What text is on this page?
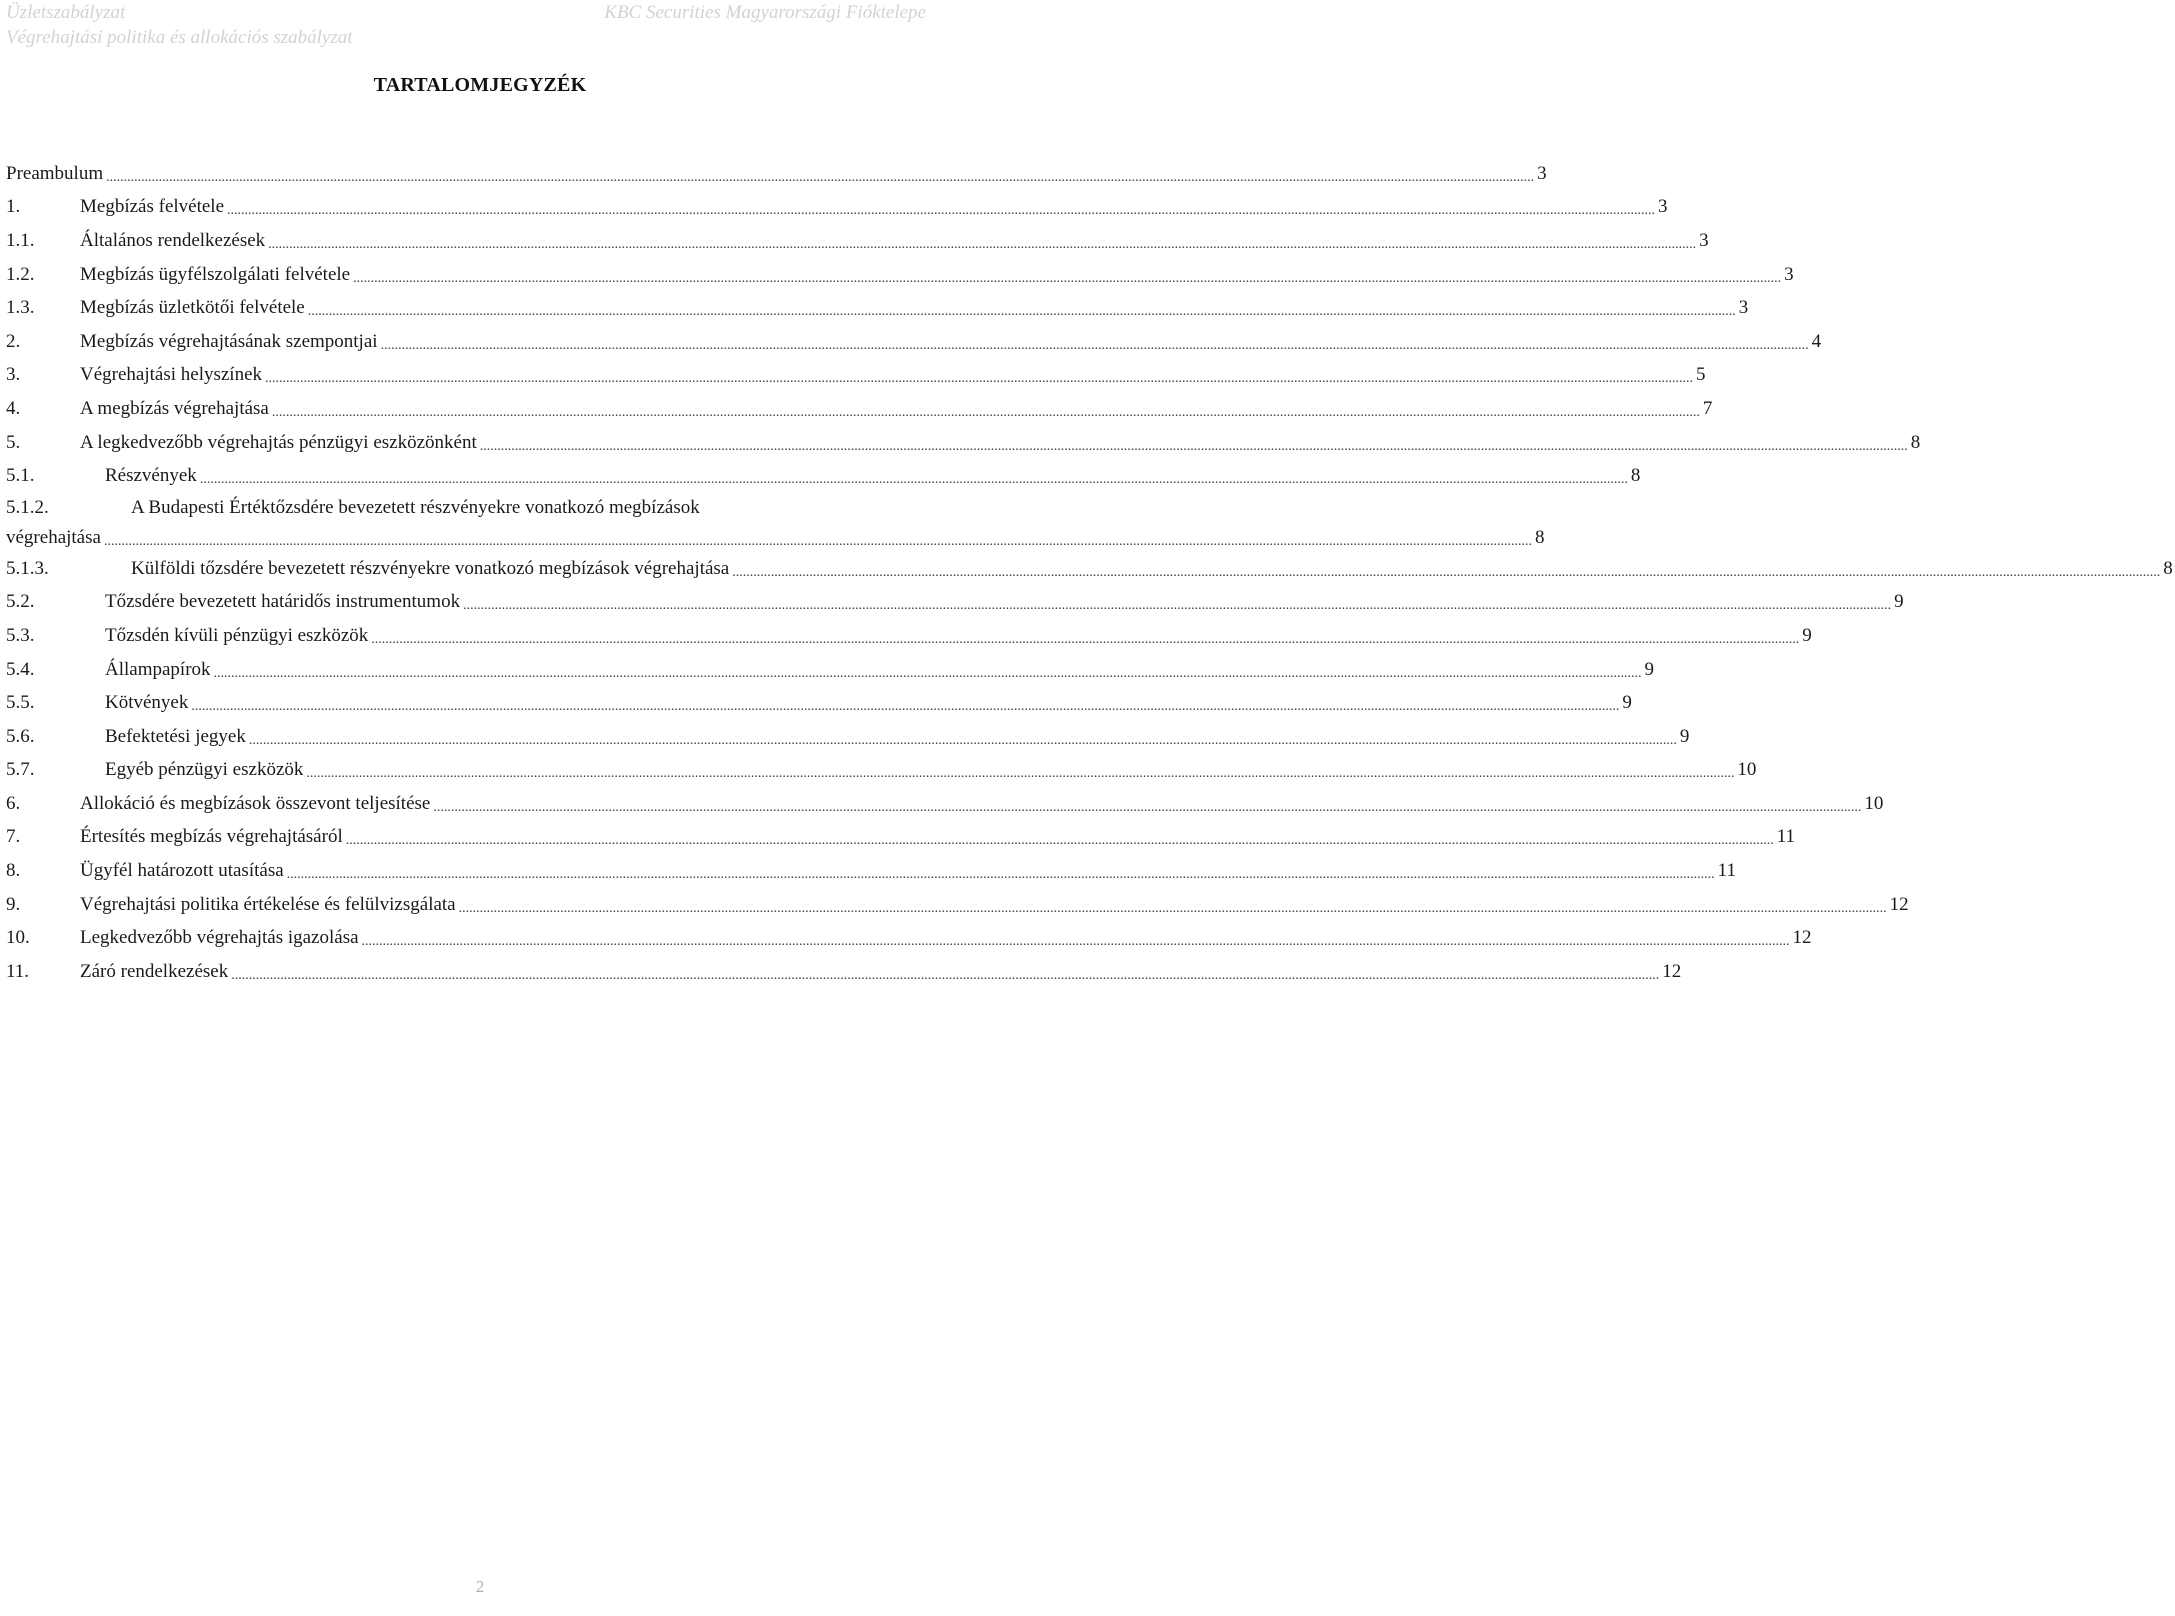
Üzletszabályzat
Végrehajtási politika és allokációs szabályzat
KBC Securities Magyarországi Fióktelepe
TARTALOMJEGYZÉK
Preambulum .....	3
1.	Megbízás felvétele .....	3
1.1.	Általános rendelkezések .....	3
1.2.	Megbízás ügyfélszolgálati felvétele .....	3
1.3.	Megbízás üzletkötői felvétele .....	3
2.	Megbízás végrehajtásának szempontjai .....	4
3.	Végrehajtási helyszínek .....	5
4.	A megbízás végrehajtása .....	7
5.	A legkedvezőbb végrehajtás pénzügyi eszközönként .....	8
5.1.	Részvények .....	8
5.1.2.	A Budapesti Értéktőzsdére bevezetett részvényekre vonatkozó megbízások
végrehajtása .....	8
5.1.3.	Külföldi tőzsdére bevezetett részvényekre vonatkozó megbízások végrehajtása .....	8
5.2.	Tőzsdére bevezetett határidős instrumentumok .....	9
5.3.	Tőzsdén kívüli pénzügyi eszközök .....	9
5.4.	Állampapírok .....	9
5.5.	Kötvények .....	9
5.6.	Befektetési jegyek .....	9
5.7.	Egyéb pénzügyi eszközök .....	10
6.	Allokáció és megbízások összevont teljesítése .....	10
7.	Értesítés megbízás végrehajtásáról .....	11
8.	Ügyfél határozott utasítása .....	11
9.	Végrehajtási politika értékelése és felülvizsgálata .....	12
10.	Legkedvezőbb végrehajtás igazolása .....	12
11.	Záró rendelkezések .....	12
2
